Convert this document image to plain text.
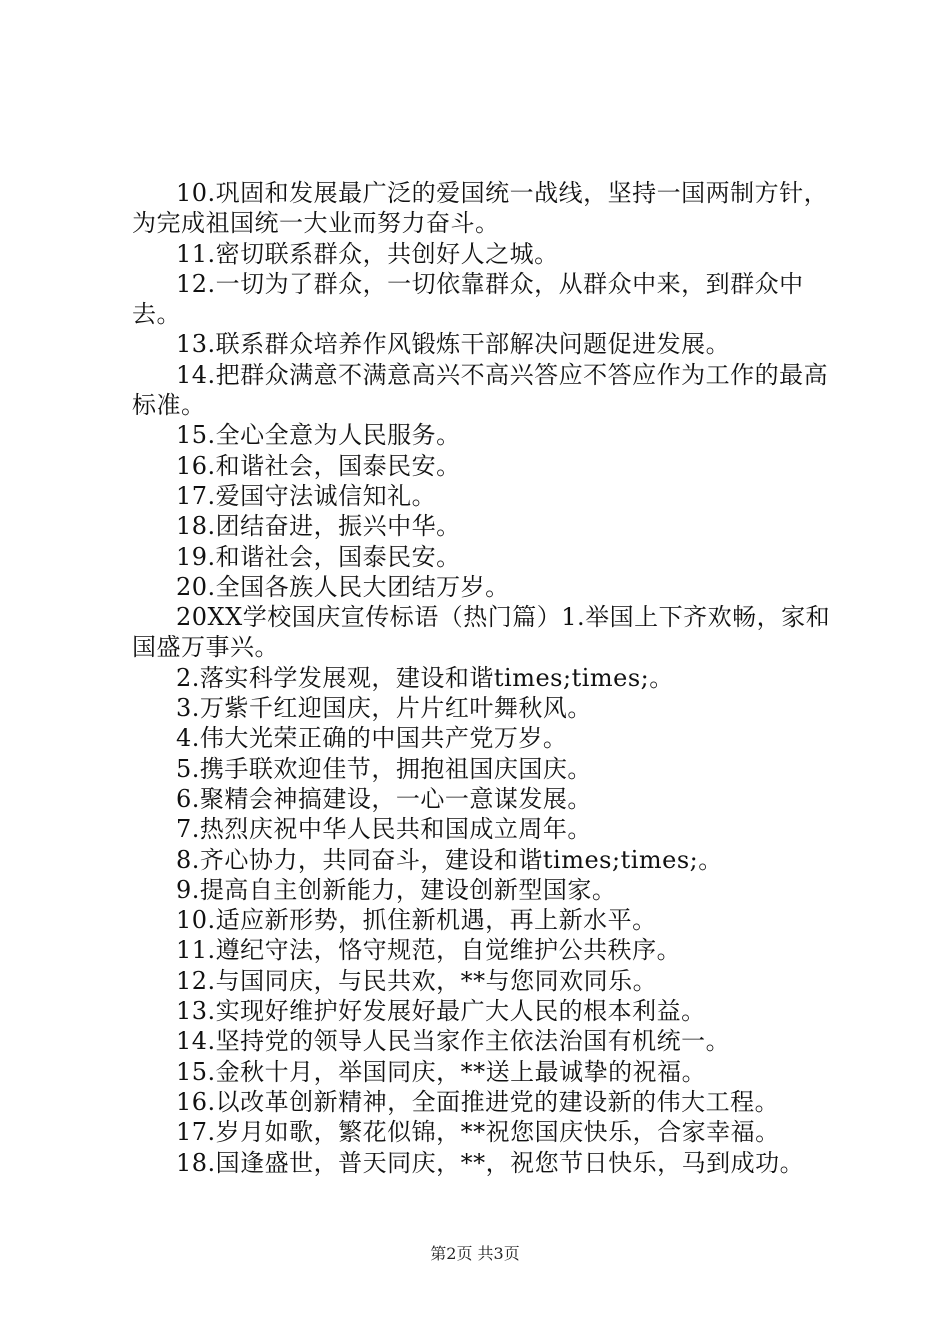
10.巩固和发展最广泛的爱国统一战线，坚持一国两制方针，为完成祖国统一大业而努力奋斗。

11.密切联系群众，共创好人之城。

12.一切为了群众，一切依靠群众，从群众中来，到群众中去。

13.联系群众培养作风锻炼干部解决问题促进发展。

14.把群众满意不满意高兴不高兴答应不答应作为工作的最高标准。

15.全心全意为人民服务。

16.和谐社会，国泰民安。

17.爱国守法诚信知礼。

18.团结奋进，振兴中华。

19.和谐社会，国泰民安。

20.全国各族人民大团结万岁。

20XX学校国庆宣传标语（热门篇）1.举国上下齐欢畅，家和国盛万事兴。

2.落实科学发展观，建设和谐times;times;。

3.万紫千红迎国庆，片片红叶舞秋风。

4.伟大光荣正确的中国共产党万岁。

5.携手联欢迎佳节，拥抱祖国庆国庆。

6.聚精会神搞建设，一心一意谋发展。

7.热烈庆祝中华人民共和国成立周年。

8.齐心协力，共同奋斗，建设和谐times;times;。

9.提高自主创新能力，建设创新型国家。

10.适应新形势，抓住新机遇，再上新水平。

11.遵纪守法，恪守规范，自觉维护公共秩序。

12.与国同庆，与民共欢，**与您同欢同乐。

13.实现好维护好发展好最广大人民的根本利益。

14.坚持党的领导人民当家作主依法治国有机统一。

15.金秋十月，举国同庆，**送上最诚挚的祝福。

16.以改革创新精神，全面推进党的建设新的伟大工程。

17.岁月如歌，繁花似锦，**祝您国庆快乐，合家幸福。

18.国逢盛世，普天同庆，**，祝您节日快乐，马到成功。

第2页 共3页
